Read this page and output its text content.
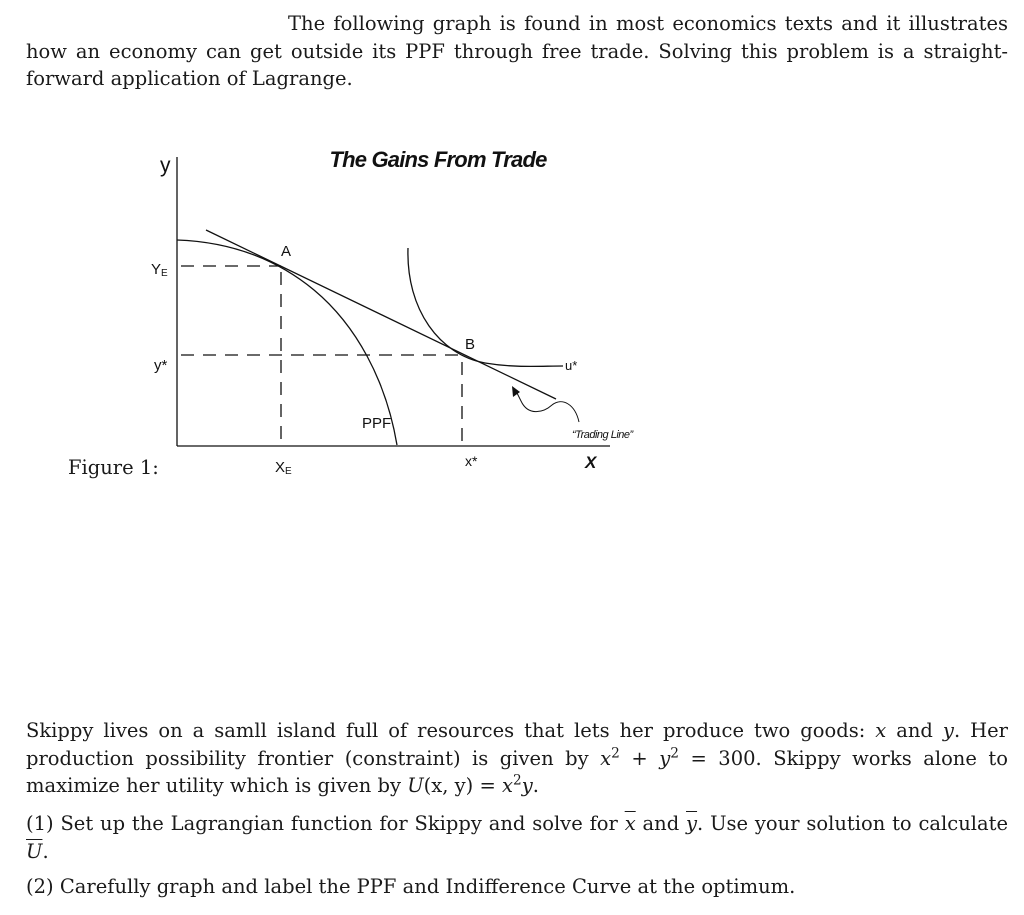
The following graph is found in most economics texts and it illustrates how an economy can get outside its PPF through free trade. Solving this problem is a straight-forward application of Lagrange.
Figure 1:
The Gains From Trade
y
YE
y*
A
B
PPF
u*
“Trading Line”
XE
x*	X
Skippy lives on a samll island full of resources that lets her produce two goods: x and y. Her production possibility frontier (constraint) is given by $x^2 + y^2 = 300$. Skippy works alone to maximize her utility which is given by U(x, $y) = x^2y$.
(1) Set up the Lagrangian function for Skippy and solve for $\overline{x}$ and $\overline{y}$. Use your solution to calculate $\overline{U}$.
(2) Carefully graph and label the PPF and Indifference Curve at the optimum.
